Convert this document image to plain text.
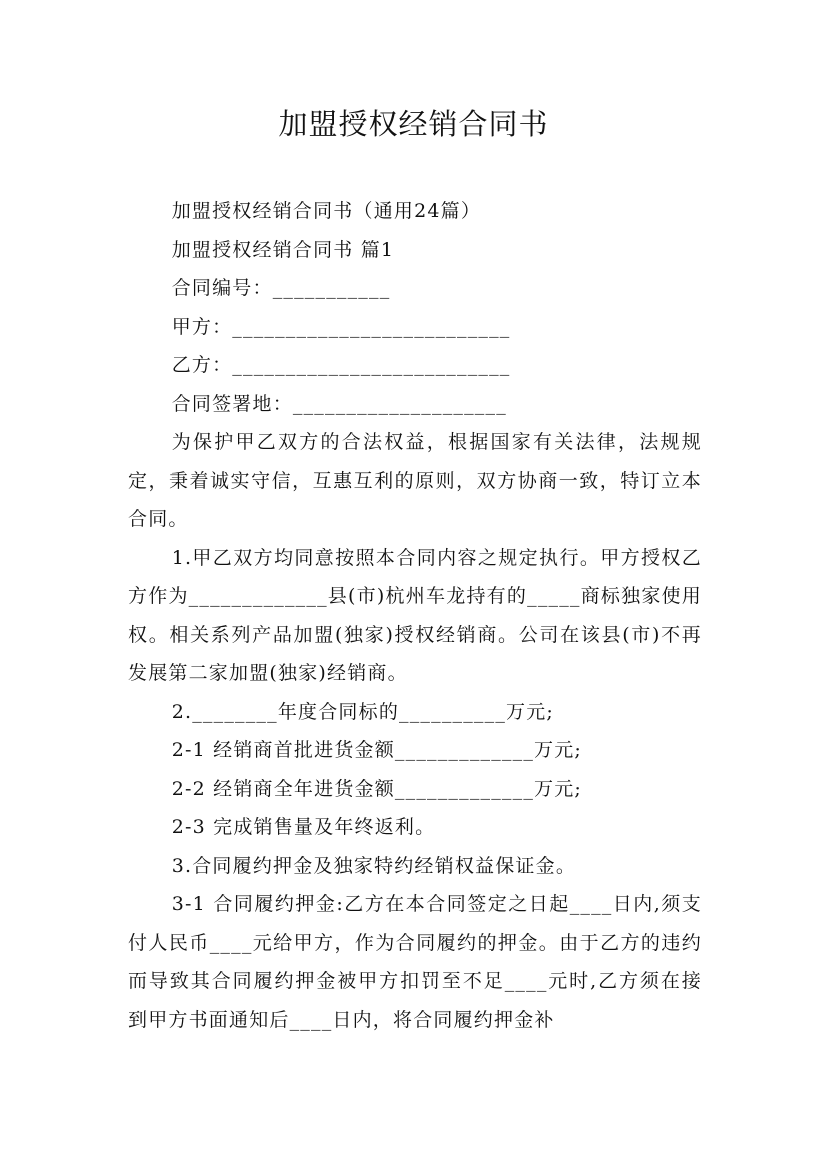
加盟授权经销合同书

加盟授权经销合同书（通用24篇）

加盟授权经销合同书 篇1

合同编号：___________

甲方：__________________________

乙方：__________________________

合同签署地：____________________

为保护甲乙双方的合法权益，根据国家有关法律，法规规定，秉着诚实守信，互惠互利的原则，双方协商一致，特订立本合同。

1.甲乙双方均同意按照本合同内容之规定执行。甲方授权乙方作为_____________县(市)杭州车龙持有的_____商标独家使用权。相关系列产品加盟(独家)授权经销商。公司在该县(市)不再发展第二家加盟(独家)经销商。

2.________年度合同标的__________万元;

2-1 经销商首批进货金额_____________万元;

2-2 经销商全年进货金额_____________万元;

2-3 完成销售量及年终返利。

3.合同履约押金及独家特约经销权益保证金。

3-1 合同履约押金:乙方在本合同签定之日起____日内,须支付人民币____元给甲方，作为合同履约的押金。由于乙方的违约而导致其合同履约押金被甲方扣罚至不足____元时,乙方须在接到甲方书面通知后____日内，将合同履约押金补
